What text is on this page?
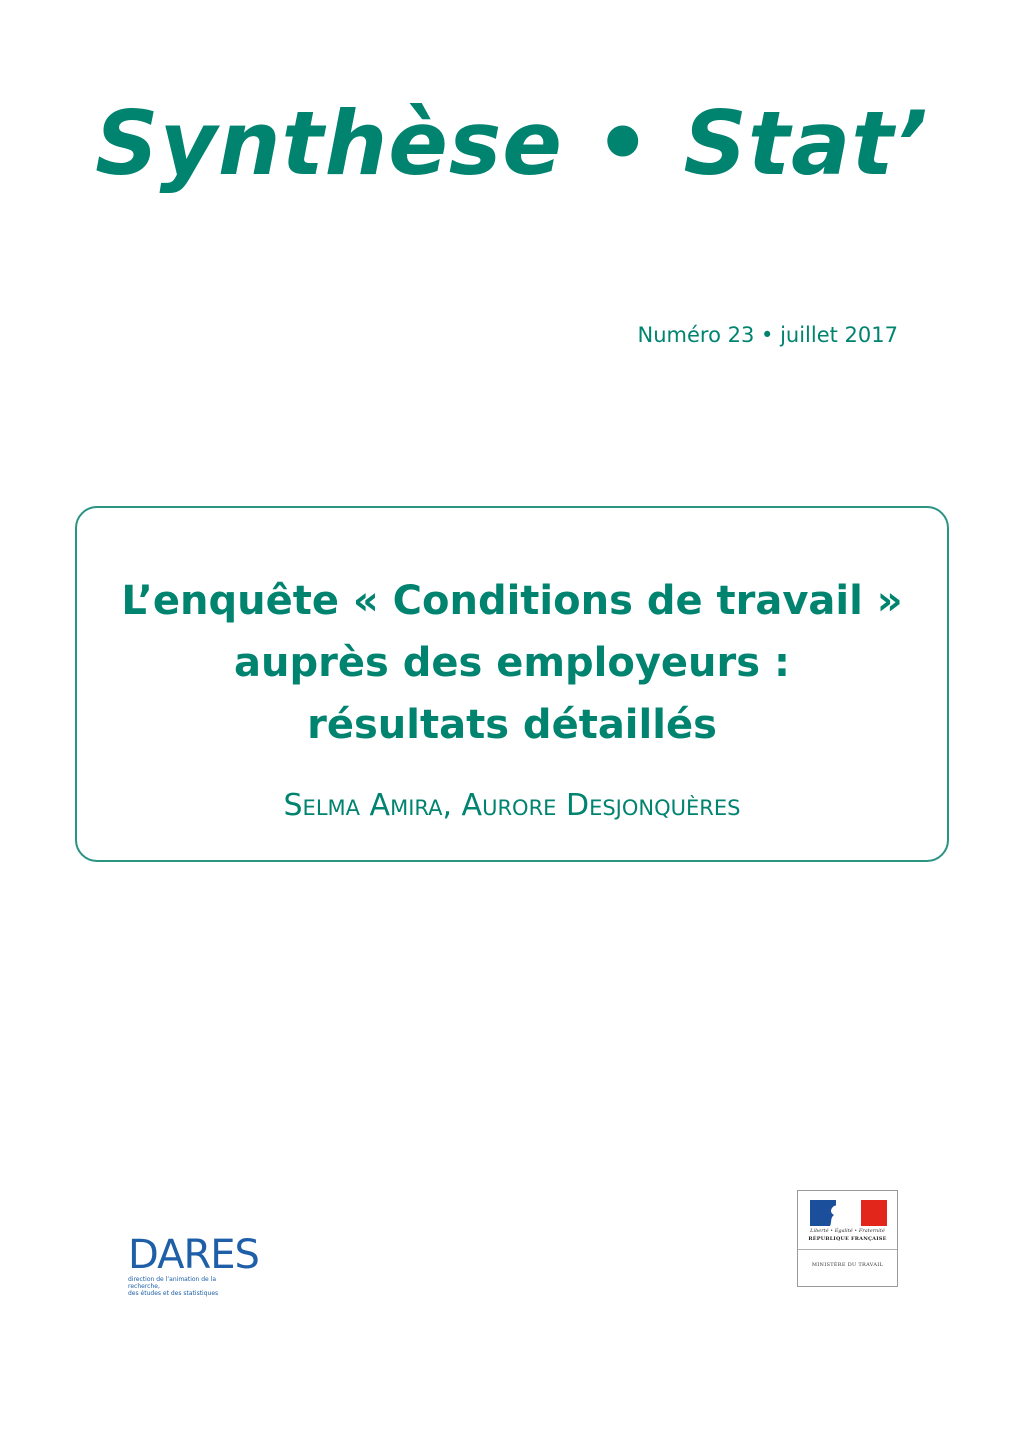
Synthèse • Stat’
Numéro 23 • juillet 2017
L’enquête « Conditions de travail »
auprès des employeurs :
résultats détaillés
Selma Amira, Aurore Desjonquères
DARES
direction de l’animation de la recherche,
des études et des statistiques
Liberté • Égalité • Fraternité
RÉPUBLIQUE FRANÇAISE
MINISTÈRE DU TRAVAIL
